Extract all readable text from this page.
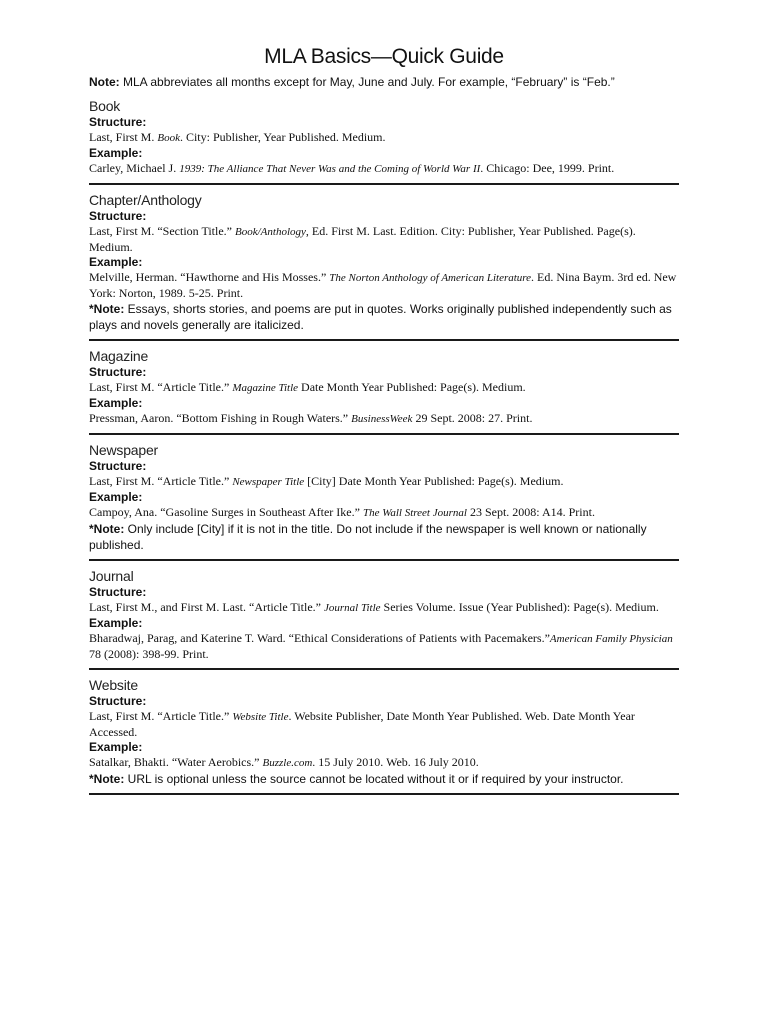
MLA Basics—Quick Guide
Note: MLA abbreviates all months except for May, June and July. For example, “February” is “Feb.”
Book
Structure:
Last, First M. Book. City: Publisher, Year Published. Medium.
Example:
Carley, Michael J. 1939: The Alliance That Never Was and the Coming of World War II. Chicago: Dee, 1999. Print.
Chapter/Anthology
Structure:
Last, First M. “Section Title.” Book/Anthology, Ed. First M. Last. Edition. City: Publisher, Year Published. Page(s). Medium.
Example:
Melville, Herman. “Hawthorne and His Mosses.” The Norton Anthology of American Literature. Ed. Nina Baym. 3rd ed. New York: Norton, 1989. 5-25. Print.
*Note: Essays, shorts stories, and poems are put in quotes. Works originally published independently such as plays and novels generally are italicized.
Magazine
Structure:
Last, First M. “Article Title.” Magazine Title Date Month Year Published: Page(s). Medium.
Example:
Pressman, Aaron. “Bottom Fishing in Rough Waters.” BusinessWeek 29 Sept. 2008: 27. Print.
Newspaper
Structure:
Last, First M. “Article Title.” Newspaper Title [City] Date Month Year Published: Page(s). Medium.
Example:
Campoy, Ana. “Gasoline Surges in Southeast After Ike.” The Wall Street Journal 23 Sept. 2008: A14. Print.
*Note: Only include [City] if it is not in the title. Do not include if the newspaper is well known or nationally published.
Journal
Structure:
Last, First M., and First M. Last. “Article Title.” Journal Title Series Volume. Issue (Year Published): Page(s). Medium.
Example:
Bharadwaj, Parag, and Katerine T. Ward. “Ethical Considerations of Patients with Pacemakers.”American Family Physician 78 (2008): 398-99. Print.
Website
Structure:
Last, First M. “Article Title.” Website Title. Website Publisher, Date Month Year Published. Web. Date Month Year Accessed.
Example:
Satalkar, Bhakti. “Water Aerobics.” Buzzle.com. 15 July 2010. Web. 16 July 2010.
*Note: URL is optional unless the source cannot be located without it or if required by your instructor.
